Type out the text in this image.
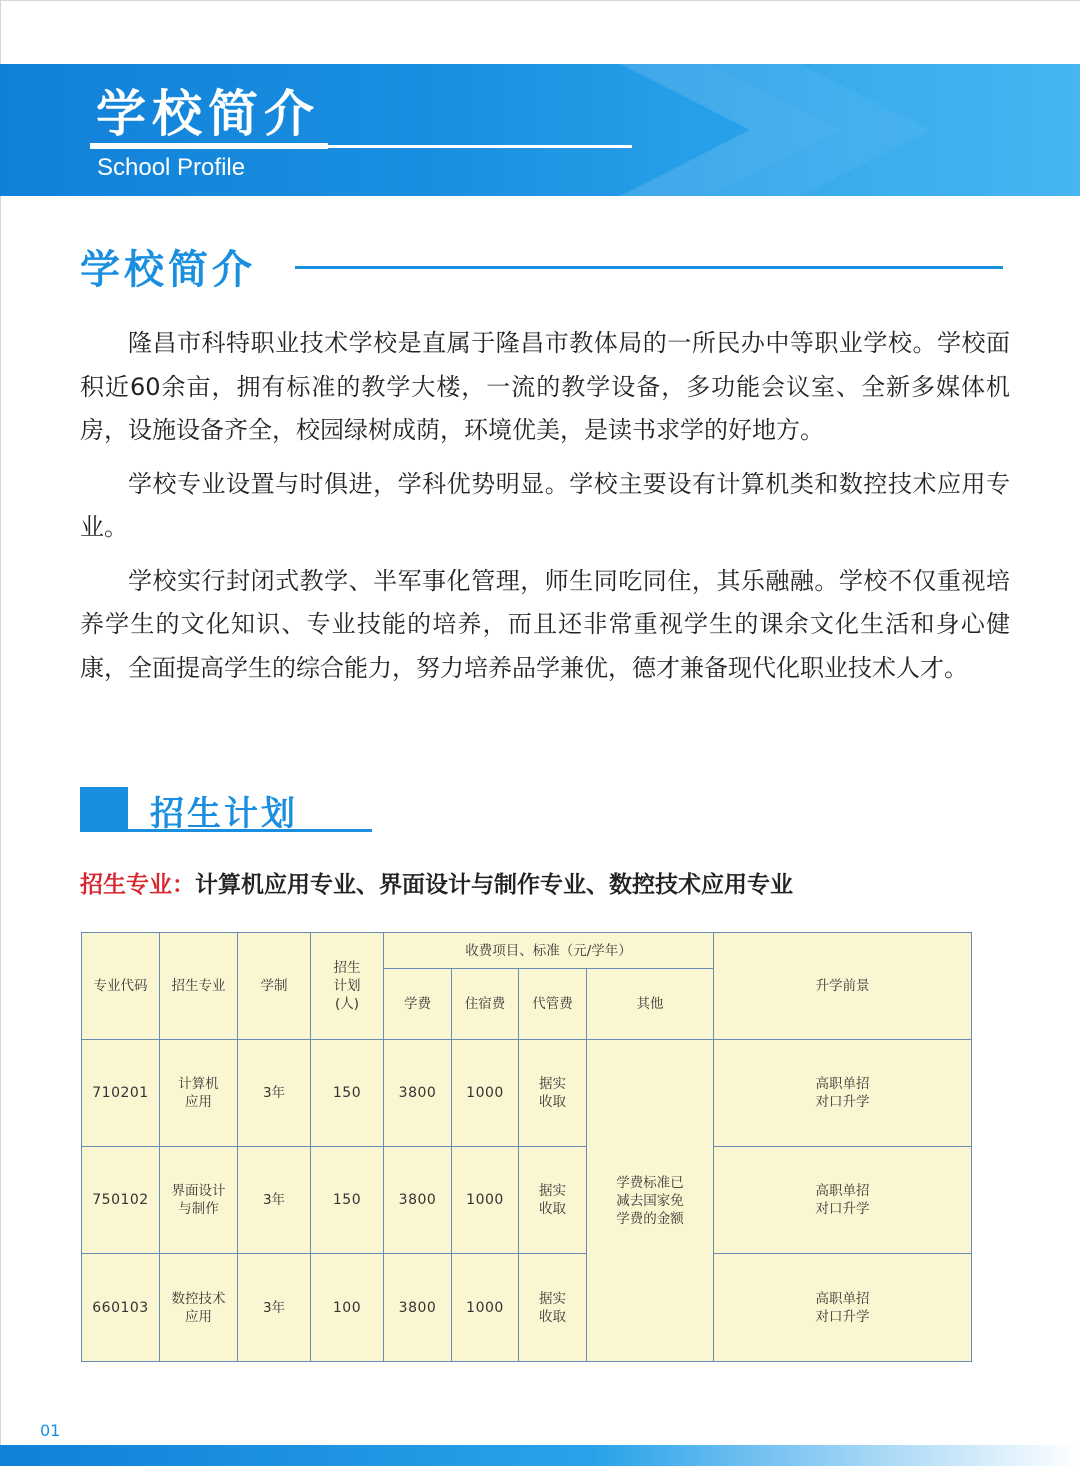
学校简介
School Profile
学校简介

隆昌市科特职业技术学校是直属于隆昌市教体局的一所民办中等职业学校。学校面积近60余亩，拥有标准的教学大楼，一流的教学设备，多功能会议室、全新多媒体机房，设施设备齐全，校园绿树成荫，环境优美，是读书求学的好地方。

学校专业设置与时俱进，学科优势明显。学校主要设有计算机类和数控技术应用专业。

学校实行封闭式教学、半军事化管理，师生同吃同住，其乐融融。学校不仅重视培养学生的文化知识、专业技能的培养，而且还非常重视学生的课余文化生活和身心健康，全面提高学生的综合能力，努力培养品学兼优，德才兼备现代化职业技术人才。

招生计划
招生专业：计算机应用专业、界面设计与制作专业、数控技术应用专业
专业代码	招生专业	学制	招生计划(人)	收费项目、标准（元/学年）				升学前景
				学费	住宿费	代管费	其他	
710201	计算机应用	3年	150	3800	1000	据实收取	学费标准已减去国家免学费的金额	高职单招对口升学
750102	界面设计与制作	3年	150	3800	1000	据实收取		高职单招对口升学
660103	数控技术应用	3年	100	3800	1000	据实收取		高职单招对口升学
01
